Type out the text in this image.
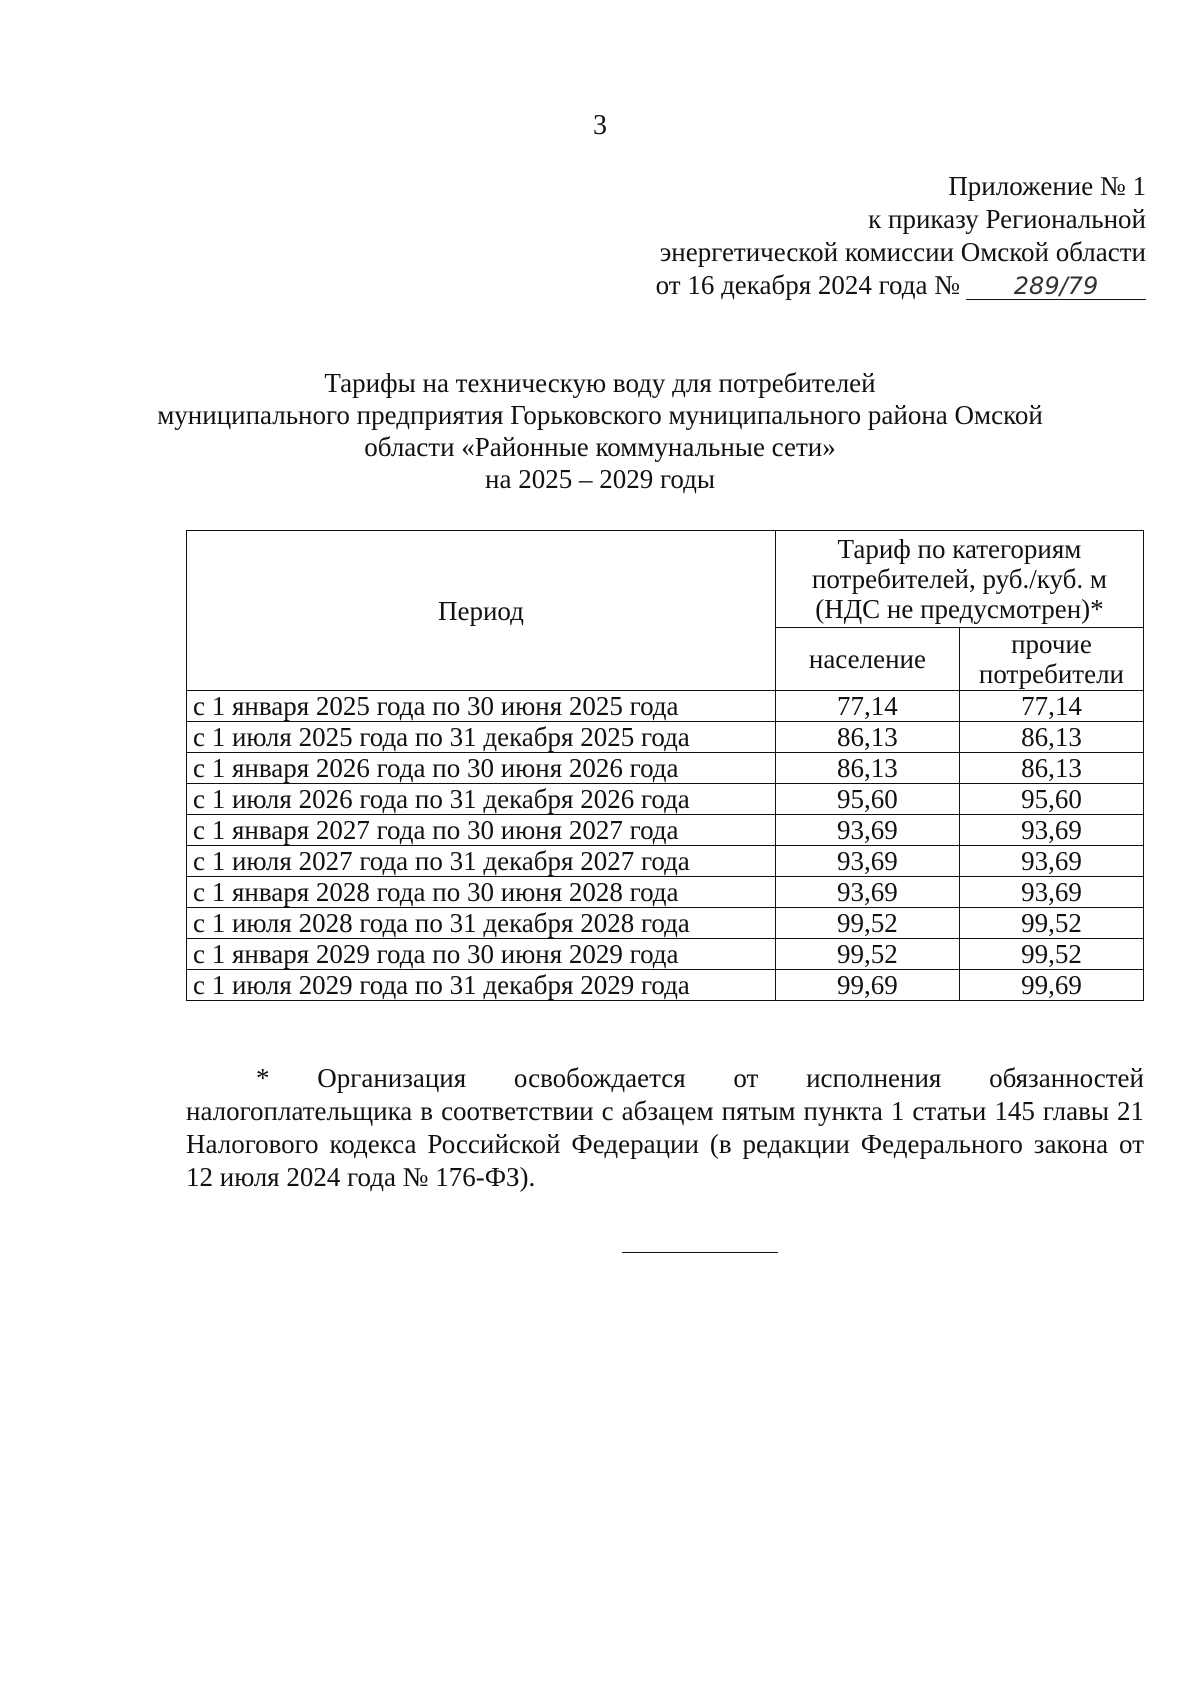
3
Приложение № 1
к приказу Региональной
энергетической комиссии Омской области
от 16 декабря 2024 года № 289/79
Тарифы на техническую воду для потребителей
муниципального предприятия Горьковского муниципального района Омской
области «Районные коммунальные сети»
на 2025 – 2029 годы
Период	Тариф по категориям потребителей, руб./куб. м (НДС не предусмотрен)*	
	население	прочие потребители
с 1 января 2025 года по 30 июня 2025 года	77,14	77,14
с 1 июля 2025 года по 31 декабря 2025 года	86,13	86,13
с 1 января 2026 года по 30 июня 2026 года	86,13	86,13
с 1 июля 2026 года по 31 декабря 2026 года	95,60	95,60
с 1 января 2027 года по 30 июня 2027 года	93,69	93,69
с 1 июля 2027 года по 31 декабря 2027 года	93,69	93,69
с 1 января 2028 года по 30 июня 2028 года	93,69	93,69
с 1 июля 2028 года по 31 декабря 2028 года	99,52	99,52
с 1 января 2029 года по 30 июня 2029 года	99,52	99,52
с 1 июля 2029 года по 31 декабря 2029 года	99,69	99,69
* Организация освобождается от исполнения обязанностей налогоплательщика в соответствии с абзацем пятым пункта 1 статьи 145 главы 21 Налогового кодекса Российской Федерации (в редакции Федерального закона от 12 июля 2024 года № 176-ФЗ).
